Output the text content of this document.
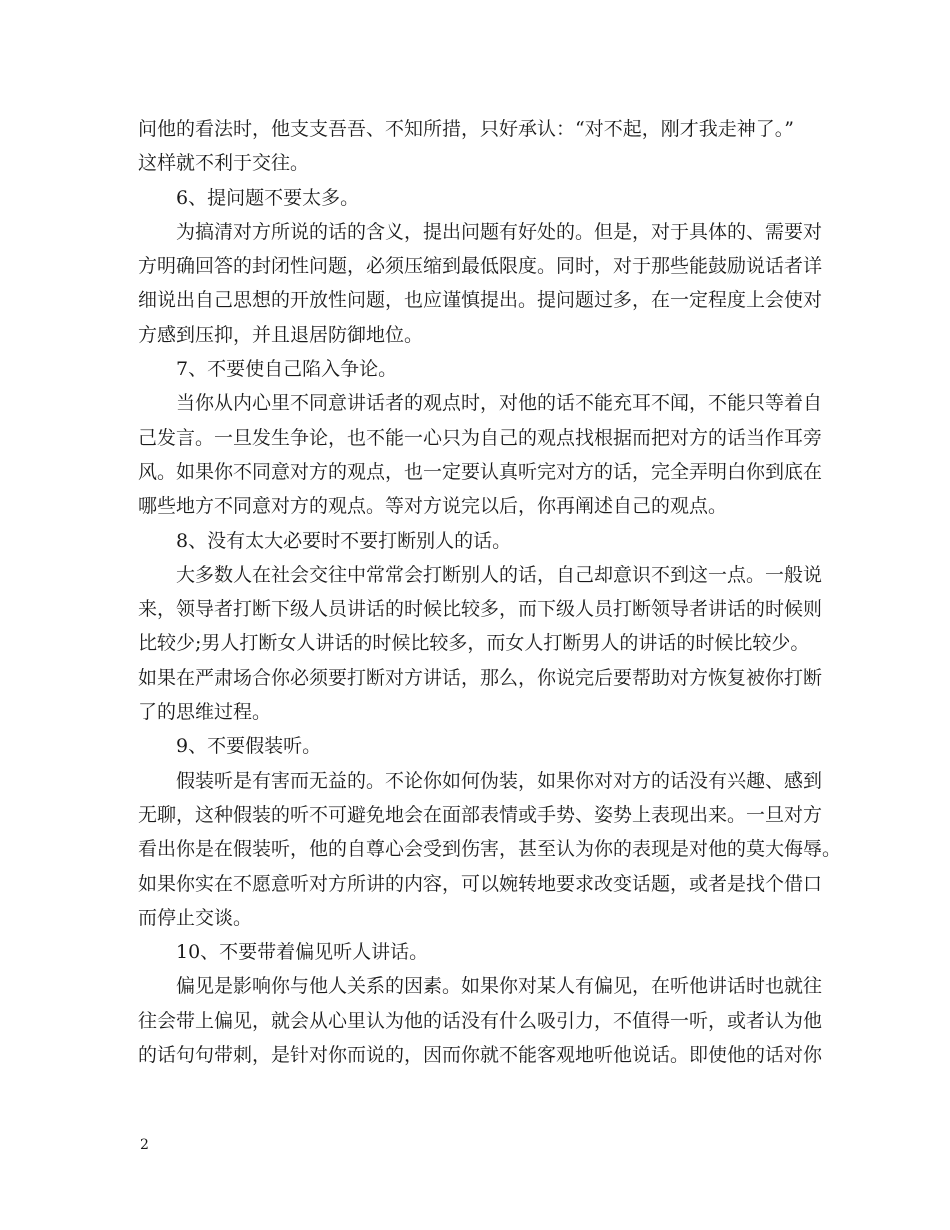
问他的看法时，他支支吾吾、不知所措，只好承认：“对不起，刚才我走神了。”
这样就不利于交往。
6、提问题不要太多。
为搞清对方所说的话的含义，提出问题有好处的。但是，对于具体的、需要对
方明确回答的封闭性问题，必须压缩到最低限度。同时，对于那些能鼓励说话者详
细说出自己思想的开放性问题，也应谨慎提出。提问题过多，在一定程度上会使对
方感到压抑，并且退居防御地位。
7、不要使自己陷入争论。
当你从内心里不同意讲话者的观点时，对他的话不能充耳不闻，不能只等着自
己发言。一旦发生争论，也不能一心只为自己的观点找根据而把对方的话当作耳旁
风。如果你不同意对方的观点，也一定要认真听完对方的话，完全弄明白你到底在
哪些地方不同意对方的观点。等对方说完以后，你再阐述自己的观点。
8、没有太大必要时不要打断别人的话。
大多数人在社会交往中常常会打断别人的话，自己却意识不到这一点。一般说
来，领导者打断下级人员讲话的时候比较多，而下级人员打断领导者讲话的时候则
比较少;男人打断女人讲话的时候比较多，而女人打断男人的讲话的时候比较少。
如果在严肃场合你必须要打断对方讲话，那么，你说完后要帮助对方恢复被你打断
了的思维过程。
9、不要假装听。
假装听是有害而无益的。不论你如何伪装，如果你对对方的话没有兴趣、感到
无聊，这种假装的听不可避免地会在面部表情或手势、姿势上表现出来。一旦对方
看出你是在假装听，他的自尊心会受到伤害，甚至认为你的表现是对他的莫大侮辱。
如果你实在不愿意听对方所讲的内容，可以婉转地要求改变话题，或者是找个借口
而停止交谈。
10、不要带着偏见听人讲话。
偏见是影响你与他人关系的因素。如果你对某人有偏见，在听他讲话时也就往
往会带上偏见，就会从心里认为他的话没有什么吸引力，不值得一听，或者认为他
的话句句带刺，是针对你而说的，因而你就不能客观地听他说话。即使他的话对你
2
